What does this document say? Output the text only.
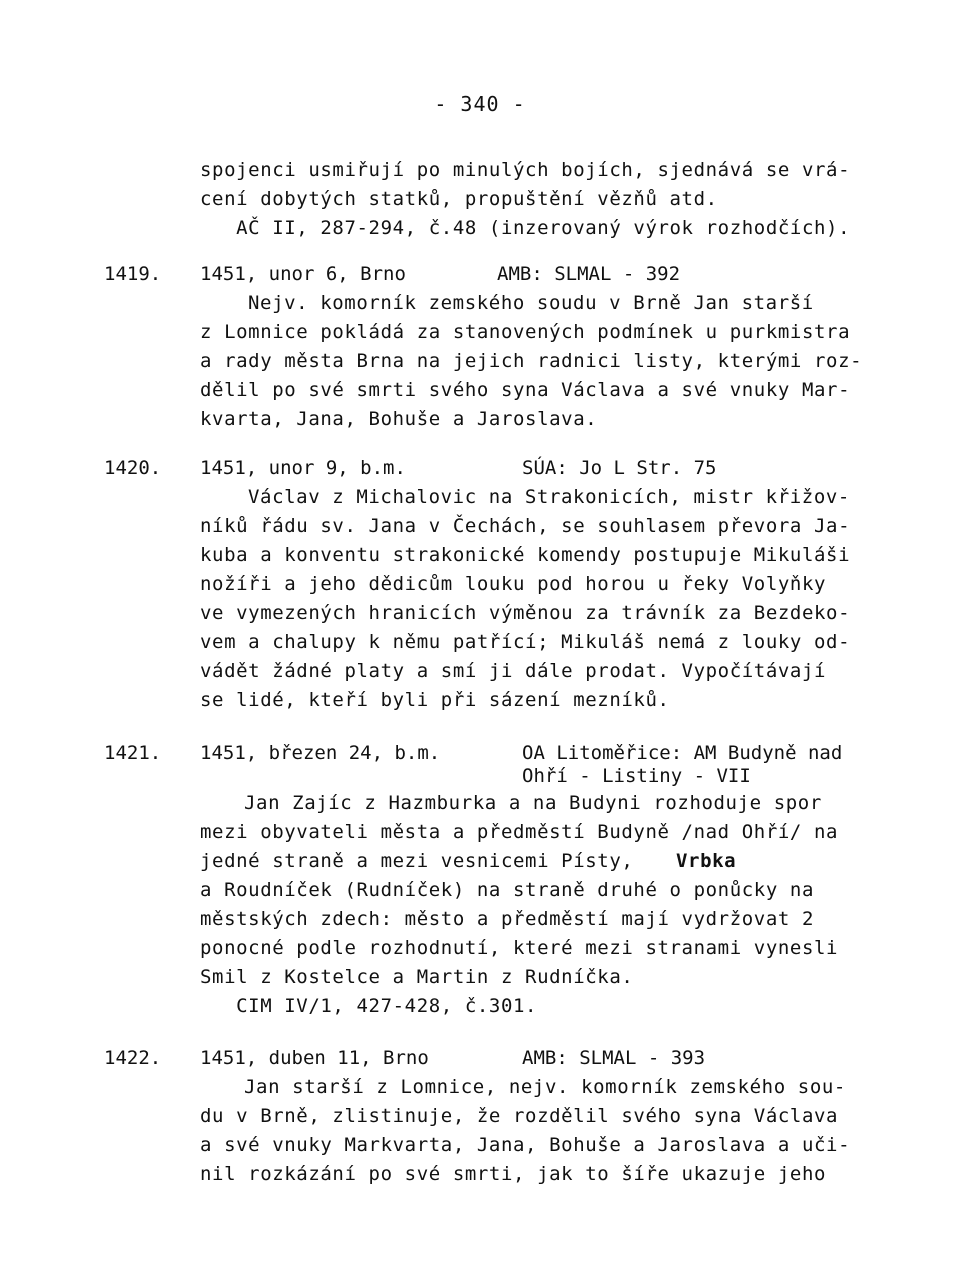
- 340 -
spojenci usmiřují po minulých bojích, sjednává se vrá-
cení dobytých statků, propuštění vězňů atd.
AČ II, 287-294, č.48 (inzerovaný výrok rozhodčích).
1419. 1451, unor 6, Brno	AMB: SLMAL - 392
Nejv. komorník zemského soudu v Brně Jan starší
z Lomnice pokládá za stanovených podmínek u purkmistra
a rady města Brna na jejich radnici listy, kterými roz-
dělil po své smrti svého syna Václava a své vnuky Mar-
kvarta, Jana, Bohuše a Jaroslava.
1420. 1451, unor 9, b.m.	SÚA: Jo L Str. 75
Václav z Michalovic na Strakonicích, mistr křižov-
níků řádu sv. Jana v Čechách, se souhlasem převora Ja-
kuba a konventu strakonické komendy postupuje Mikuláši
nožíři a jeho dědicům louku pod horou u řeky Volyňky
ve vymezených hranicích výměnou za trávník za Bezdeko-
vem a chalupy k němu patřící; Mikuláš nemá z louky od-
vádět žádné platy a smí ji dále prodat. Vypočítávají
se lidé, kteří byli při sázení mezníků.
1421. 1451, březen 24, b.m.	OA Litoměřice: AM Budyně nad
Ohří - Listiny - VII
Jan Zajíc z Hazmburka a na Budyni rozhoduje spor
mezi obyvateli města a předměstí Budyně /nad Ohří/ na
jedné straně a mezi vesnicemi Písty, Vrbka
a Roudníček (Rudníček) na straně druhé o ponůcky na
městských zdech: město a předměstí mají vydržovat 2
ponocné podle rozhodnutí, které mezi stranami vynesli
Smil z Kostelce a Martin z Rudníčka.
CIM IV/1, 427-428, č.301.
1422. 1451, duben 11, Brno	AMB: SLMAL - 393
Jan starší z Lomnice, nejv. komorník zemského sou-
du v Brně, zlistinuje, že rozdělil svého syna Václava
a své vnuky Markvarta, Jana, Bohuše a Jaroslava a uči-
nil rozkázání po své smrti, jak to šíře ukazuje jeho
